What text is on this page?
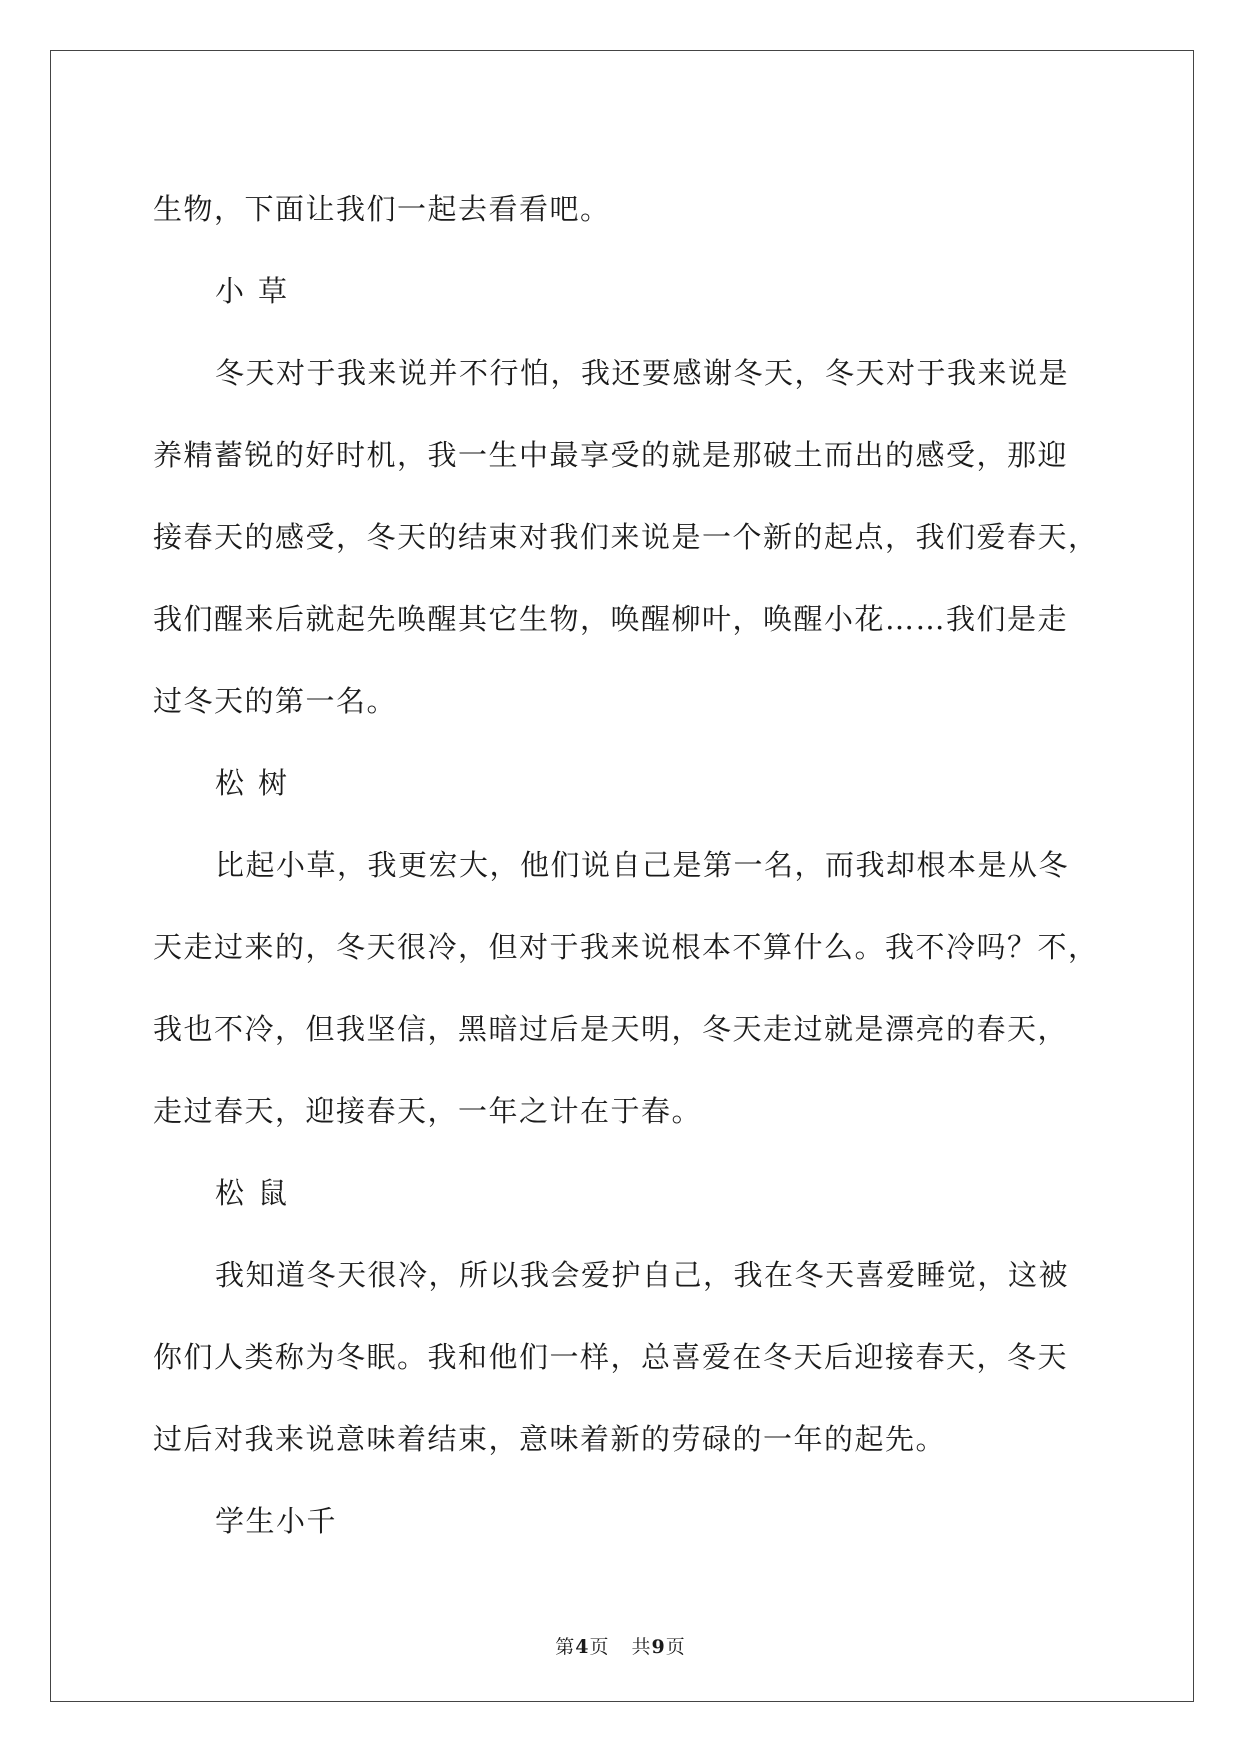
生物，下面让我们一起去看看吧。

小草

冬天对于我来说并不行怕，我还要感谢冬天，冬天对于我来说是

养精蓄锐的好时机，我一生中最享受的就是那破土而出的感受，那迎

接春天的感受，冬天的结束对我们来说是一个新的起点，我们爱春天，

我们醒来后就起先唤醒其它生物，唤醒柳叶，唤醒小花……我们是走

过冬天的第一名。

松树

比起小草，我更宏大，他们说自己是第一名，而我却根本是从冬

天走过来的，冬天很冷，但对于我来说根本不算什么。我不冷吗？不，

我也不冷，但我坚信，黑暗过后是天明，冬天走过就是漂亮的春天，

走过春天，迎接春天，一年之计在于春。

松鼠

我知道冬天很冷，所以我会爱护自己，我在冬天喜爱睡觉，这被

你们人类称为冬眠。我和他们一样，总喜爱在冬天后迎接春天，冬天

过后对我来说意味着结束，意味着新的劳碌的一年的起先。

学生小千

第4页 共9页
